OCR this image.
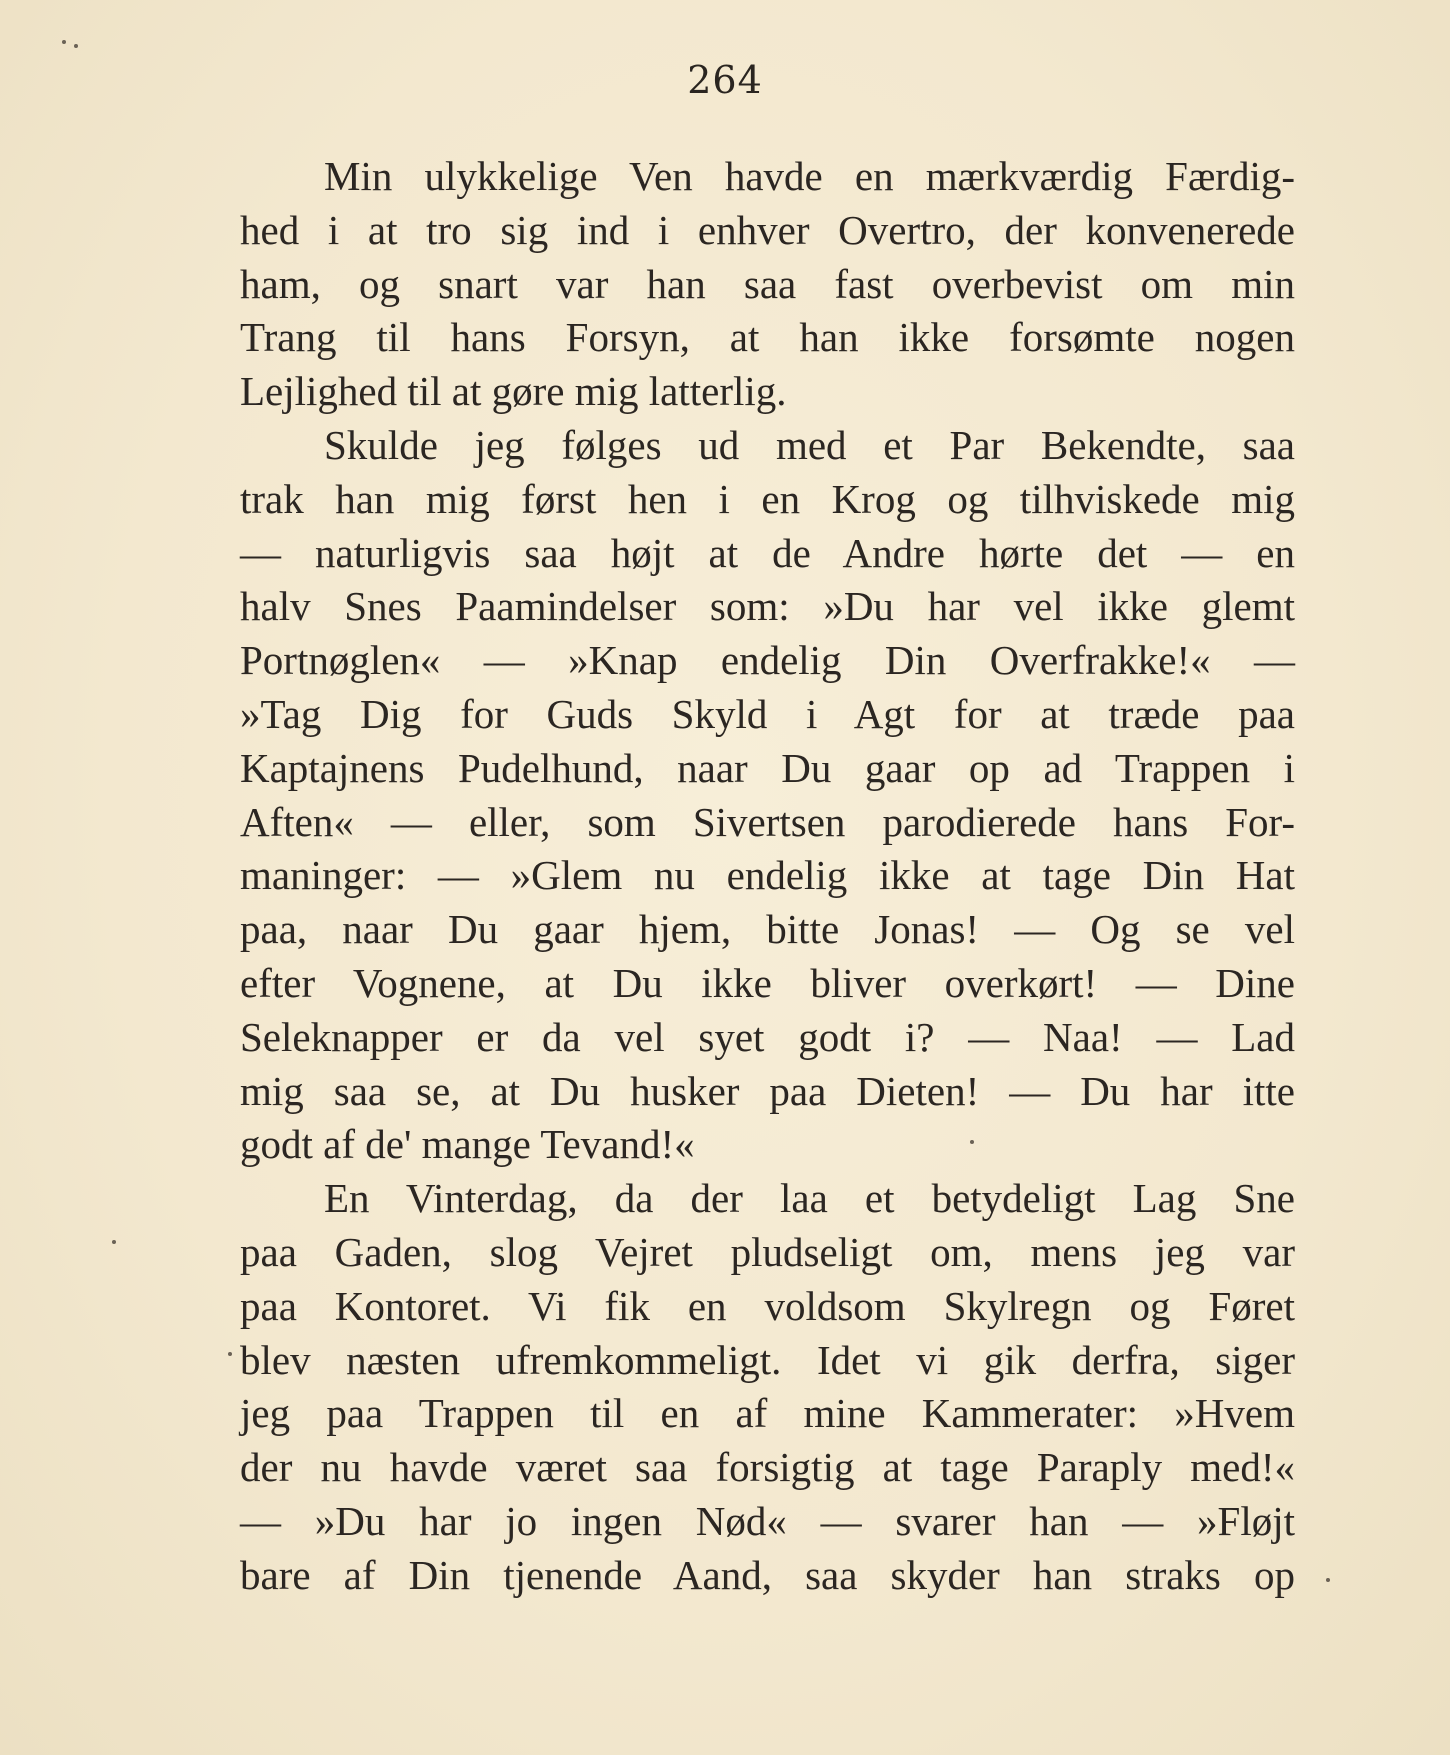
264
Min ulykkelige Ven havde en mærkværdig Færdig-
hed i at tro sig ind i enhver Overtro, der konvenerede
ham, og snart var han saa fast overbevist om min
Trang til hans Forsyn, at han ikke forsømte nogen
Lejlighed til at gøre mig latterlig.
Skulde jeg følges ud med et Par Bekendte, saa
trak han mig først hen i en Krog og tilhviskede mig
— naturligvis saa højt at de Andre hørte det — en
halv Snes Paamindelser som: »Du har vel ikke glemt
Portnøglen« — »Knap endelig Din Overfrakke!« —
»Tag Dig for Guds Skyld i Agt for at træde paa
Kaptajnens Pudelhund, naar Du gaar op ad Trappen i
Aften« — eller, som Sivertsen parodierede hans For-
maninger: — »Glem nu endelig ikke at tage Din Hat
paa, naar Du gaar hjem, bitte Jonas! — Og se vel
efter Vognene, at Du ikke bliver overkørt! — Dine
Seleknapper er da vel syet godt i? — Naa! — Lad
mig saa se, at Du husker paa Dieten! — Du har itte
godt af de' mange Tevand!«
En Vinterdag, da der laa et betydeligt Lag Sne
paa Gaden, slog Vejret pludseligt om, mens jeg var
paa Kontoret. Vi fik en voldsom Skylregn og Føret
blev næsten ufremkommeligt. Idet vi gik derfra, siger
jeg paa Trappen til en af mine Kammerater: »Hvem
der nu havde været saa forsigtig at tage Paraply med!«
— »Du har jo ingen Nød« — svarer han — »Fløjt
bare af Din tjenende Aand, saa skyder han straks op
